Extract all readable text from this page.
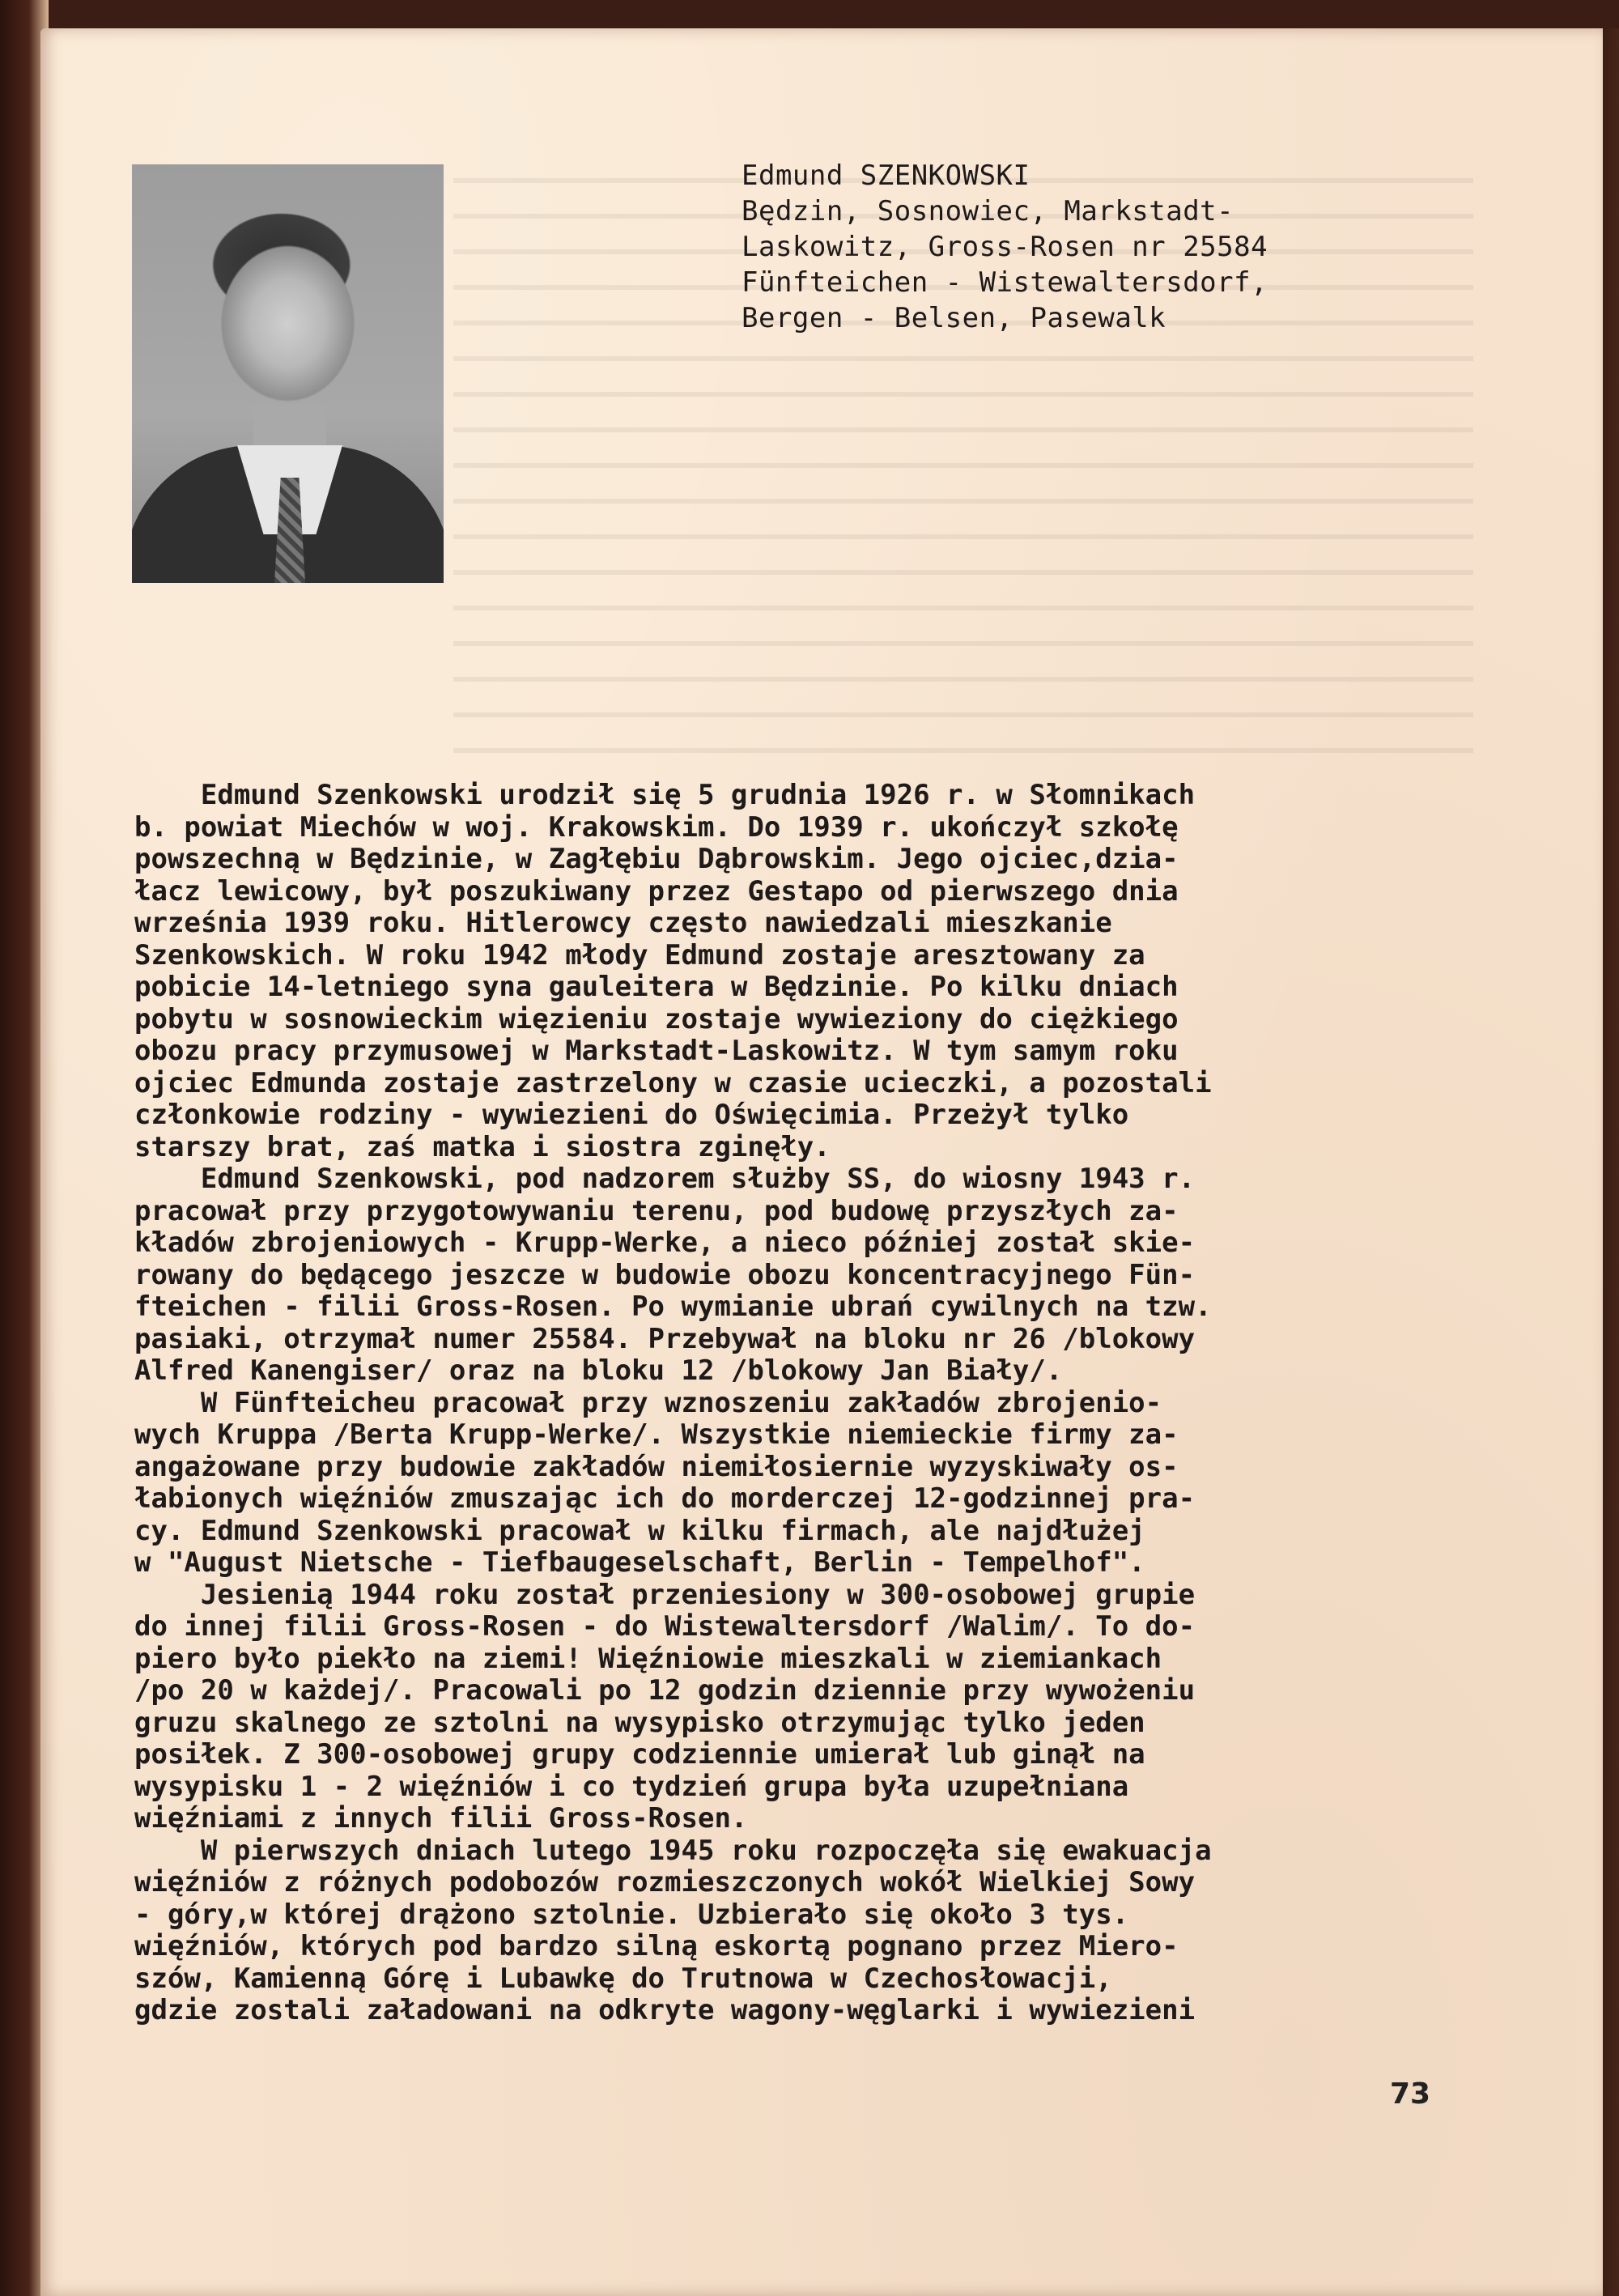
Edmund SZENKOWSKI
Będzin, Sosnowiec, Markstadt-
Laskowitz, Gross-Rosen nr 25584
Fünfteichen - Wistewaltersdorf,
Bergen - Belsen, Pasewalk
Edmund Szenkowski urodził się 5 grudnia 1926 r. w Słomnikach
b. powiat Miechów w woj. Krakowskim. Do 1939 r. ukończył szkołę
powszechną w Będzinie, w Zagłębiu Dąbrowskim. Jego ojciec,dzia-
łacz lewicowy, był poszukiwany przez Gestapo od pierwszego dnia
września 1939 roku. Hitlerowcy często nawiedzali mieszkanie
Szenkowskich. W roku 1942 młody Edmund zostaje aresztowany za
pobicie 14-letniego syna gauleitera w Będzinie. Po kilku dniach
pobytu w sosnowieckim więzieniu zostaje wywieziony do ciężkiego
obozu pracy przymusowej w Markstadt-Laskowitz. W tym samym roku
ojciec Edmunda zostaje zastrzelony w czasie ucieczki, a pozostali
członkowie rodziny - wywiezieni do Oświęcimia. Przeżył tylko
starszy brat, zaś matka i siostra zginęły.
Edmund Szenkowski, pod nadzorem służby SS, do wiosny 1943 r.
pracował przy przygotowywaniu terenu, pod budowę przyszłych za-
kładów zbrojeniowych - Krupp-Werke, a nieco później został skie-
rowany do będącego jeszcze w budowie obozu koncentracyjnego Fün-
fteichen - filii Gross-Rosen. Po wymianie ubrań cywilnych na tzw.
pasiaki, otrzymał numer 25584. Przebywał na bloku nr 26 /blokowy
Alfred Kanengiser/ oraz na bloku 12 /blokowy Jan Biały/.
W Fünfteicheu pracował przy wznoszeniu zakładów zbrojenio-
wych Kruppa /Berta Krupp-Werke/. Wszystkie niemieckie firmy za-
angażowane przy budowie zakładów niemiłosiernie wyzyskiwały os-
łabionych więźniów zmuszając ich do morderczej 12-godzinnej pra-
cy. Edmund Szenkowski pracował w kilku firmach, ale najdłużej
w "August Nietsche - Tiefbaugeselschaft, Berlin - Tempelhof".
Jesienią 1944 roku został przeniesiony w 300-osobowej grupie
do innej filii Gross-Rosen - do Wistewaltersdorf /Walim/. To do-
piero było piekło na ziemi! Więźniowie mieszkali w ziemiankach
/po 20 w każdej/. Pracowali po 12 godzin dziennie przy wywożeniu
gruzu skalnego ze sztolni na wysypisko otrzymując tylko jeden
posiłek. Z 300-osobowej grupy codziennie umierał lub ginął na
wysypisku 1 - 2 więźniów i co tydzień grupa była uzupełniana
więźniami z innych filii Gross-Rosen.
W pierwszych dniach lutego 1945 roku rozpoczęła się ewakuacja
więźniów z różnych podobozów rozmieszczonych wokół Wielkiej Sowy
- góry,w której drążono sztolnie. Uzbierało się około 3 tys.
więźniów, których pod bardzo silną eskortą pognano przez Miero-
szów, Kamienną Górę i Lubawkę do Trutnowa w Czechosłowacji,
gdzie zostali załadowani na odkryte wagony-węglarki i wywiezieni
73
